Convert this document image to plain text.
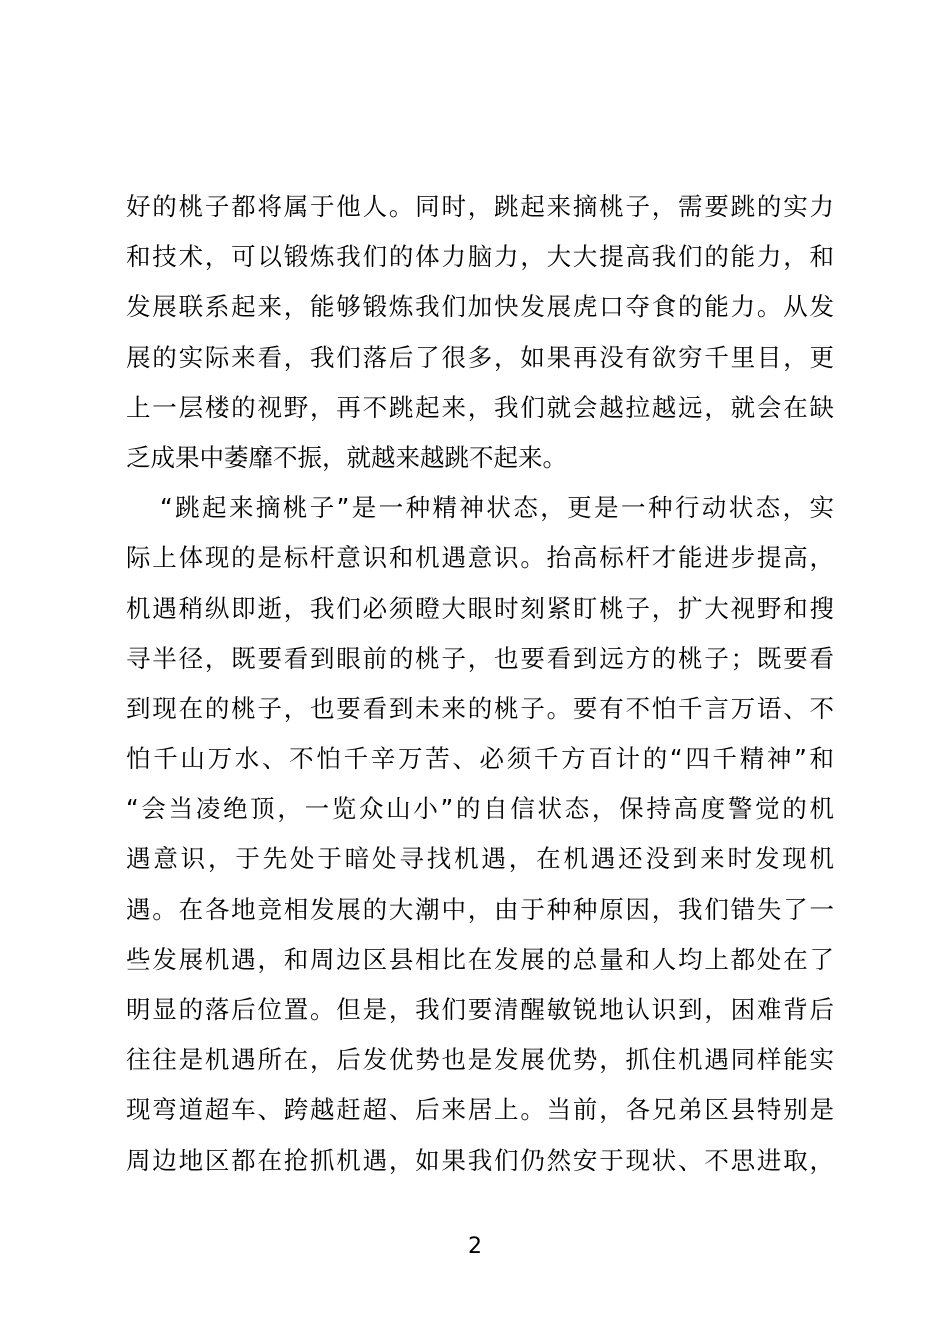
好的桃子都将属于他人。同时，跳起来摘桃子，需要跳的实力
和技术，可以锻炼我们的体力脑力，大大提高我们的能力，和
发展联系起来，能够锻炼我们加快发展虎口夺食的能力。从发
展的实际来看，我们落后了很多，如果再没有欲穷千里目，更
上一层楼的视野，再不跳起来，我们就会越拉越远，就会在缺
乏成果中萎靡不振，就越来越跳不起来。
“跳起来摘桃子”是一种精神状态，更是一种行动状态，实
际上体现的是标杆意识和机遇意识。抬高标杆才能进步提高，
机遇稍纵即逝，我们必须瞪大眼时刻紧盯桃子，扩大视野和搜
寻半径，既要看到眼前的桃子，也要看到远方的桃子；既要看
到现在的桃子，也要看到未来的桃子。要有不怕千言万语、不
怕千山万水、不怕千辛万苦、必须千方百计的“四千精神”和
“会当凌绝顶，一览众山小”的自信状态，保持高度警觉的机
遇意识，于先处于暗处寻找机遇，在机遇还没到来时发现机
遇。在各地竞相发展的大潮中，由于种种原因，我们错失了一
些发展机遇，和周边区县相比在发展的总量和人均上都处在了
明显的落后位置。但是，我们要清醒敏锐地认识到，困难背后
往往是机遇所在，后发优势也是发展优势，抓住机遇同样能实
现弯道超车、跨越赶超、后来居上。当前，各兄弟区县特别是
周边地区都在抢抓机遇，如果我们仍然安于现状、不思进取，
2
